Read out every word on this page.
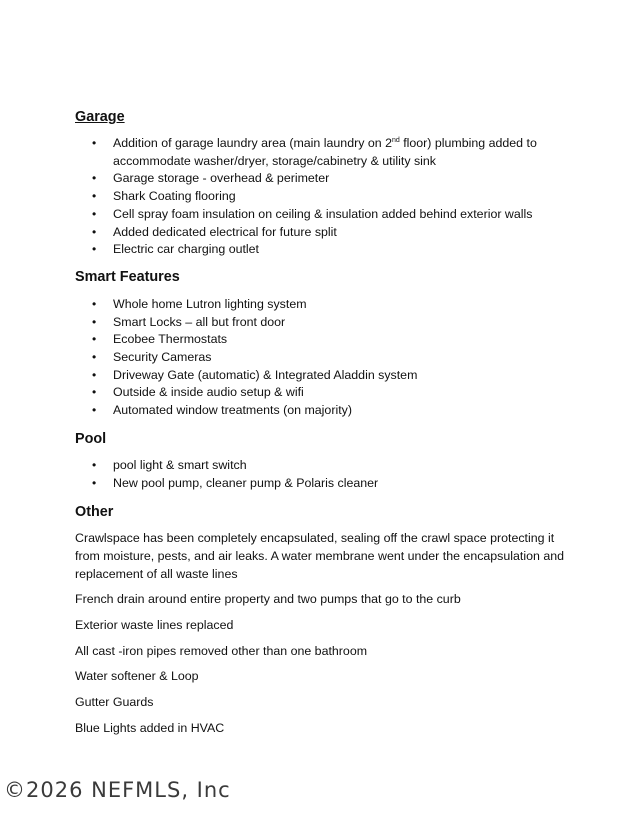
Garage
• Addition of garage laundry area (main laundry on 2nd floor) plumbing added to accommodate washer/dryer, storage/cabinetry & utility sink
• Garage storage - overhead & perimeter
• Shark Coating flooring
• Cell spray foam insulation on ceiling & insulation added behind exterior walls
• Added dedicated electrical for future split
• Electric car charging outlet
Smart Features
• Whole home Lutron lighting system
• Smart Locks – all but front door
• Ecobee Thermostats
• Security Cameras
• Driveway Gate (automatic) & Integrated Aladdin system
• Outside & inside audio setup & wifi
• Automated window treatments (on majority)
Pool
• pool light & smart switch
• New pool pump, cleaner pump & Polaris cleaner
Other

Crawlspace has been completely encapsulated, sealing off the crawl space protecting it from moisture, pests, and air leaks. A water membrane went under the encapsulation and replacement of all waste lines

French drain around entire property and two pumps that go to the curb

Exterior waste lines replaced

All cast -iron pipes removed other than one bathroom

Water softener & Loop

Gutter Guards

Blue Lights added in HVAC

©2026 NEFMLS, Inc
